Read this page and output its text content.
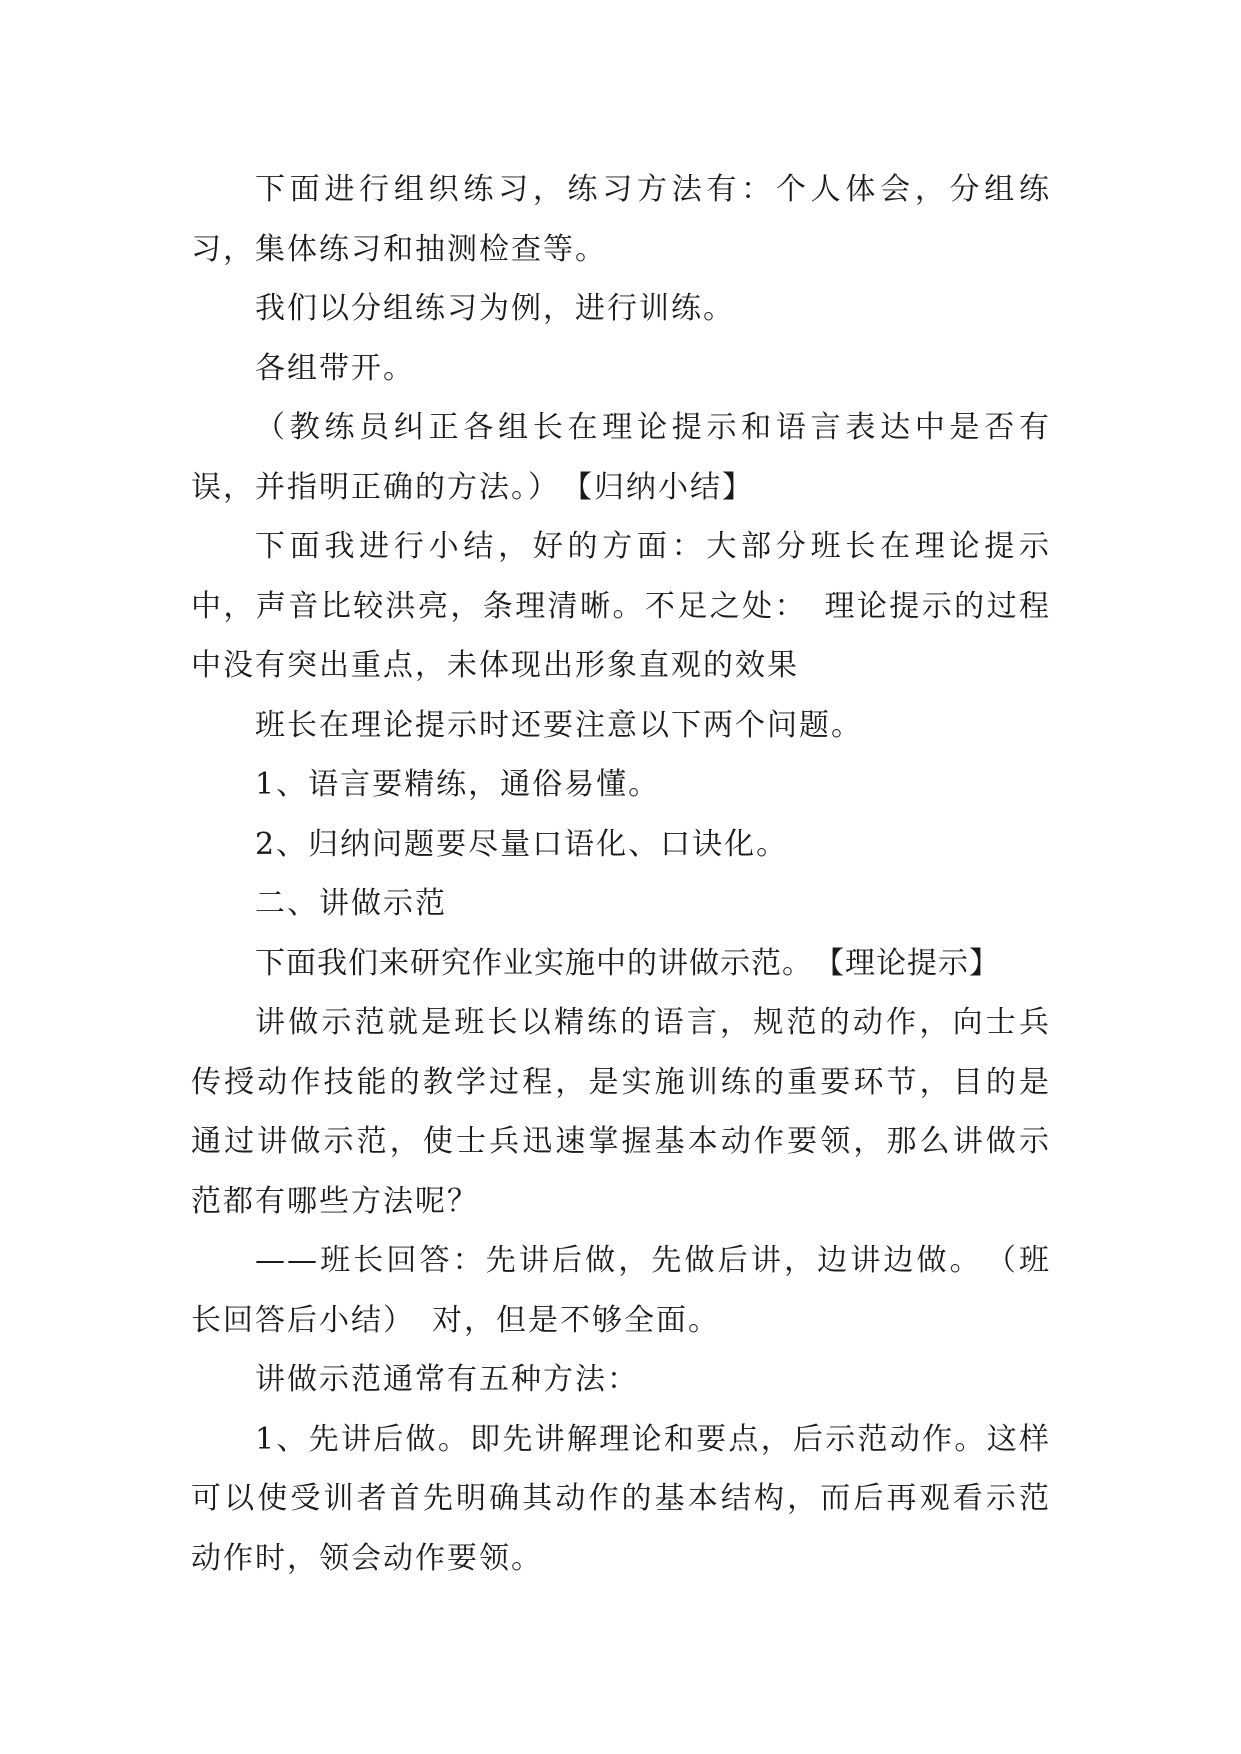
下面进行组织练习，练习方法有：个人体会，分组练习，集体练习和抽测检查等。

我们以分组练习为例，进行训练。

各组带开。

（教练员纠正各组长在理论提示和语言表达中是否有误，并指明正确的方法。）　【归纳小结】

下面我进行小结，好的方面：大部分班长在理论提示中，声音比较洪亮，条理清晰。不足之处：　理论提示的过程中没有突出重点，未体现出形象直观的效果

班长在理论提示时还要注意以下两个问题。

1、语言要精练，通俗易懂。

2、归纳问题要尽量口语化、口诀化。

二、讲做示范

下面我们来研究作业实施中的讲做示范。　【理论提示】

讲做示范就是班长以精练的语言，规范的动作，向士兵传授动作技能的教学过程，是实施训练的重要环节，目的是通过讲做示范，使士兵迅速掌握基本动作要领，那么讲做示范都有哪些方法呢？

——班长回答：先讲后做，先做后讲，边讲边做。　（班长回答后小结）　对，但是不够全面。

讲做示范通常有五种方法：

1、先讲后做。即先讲解理论和要点，后示范动作。这样可以使受训者首先明确其动作的基本结构，而后再观看示范动作时，领会动作要领。
